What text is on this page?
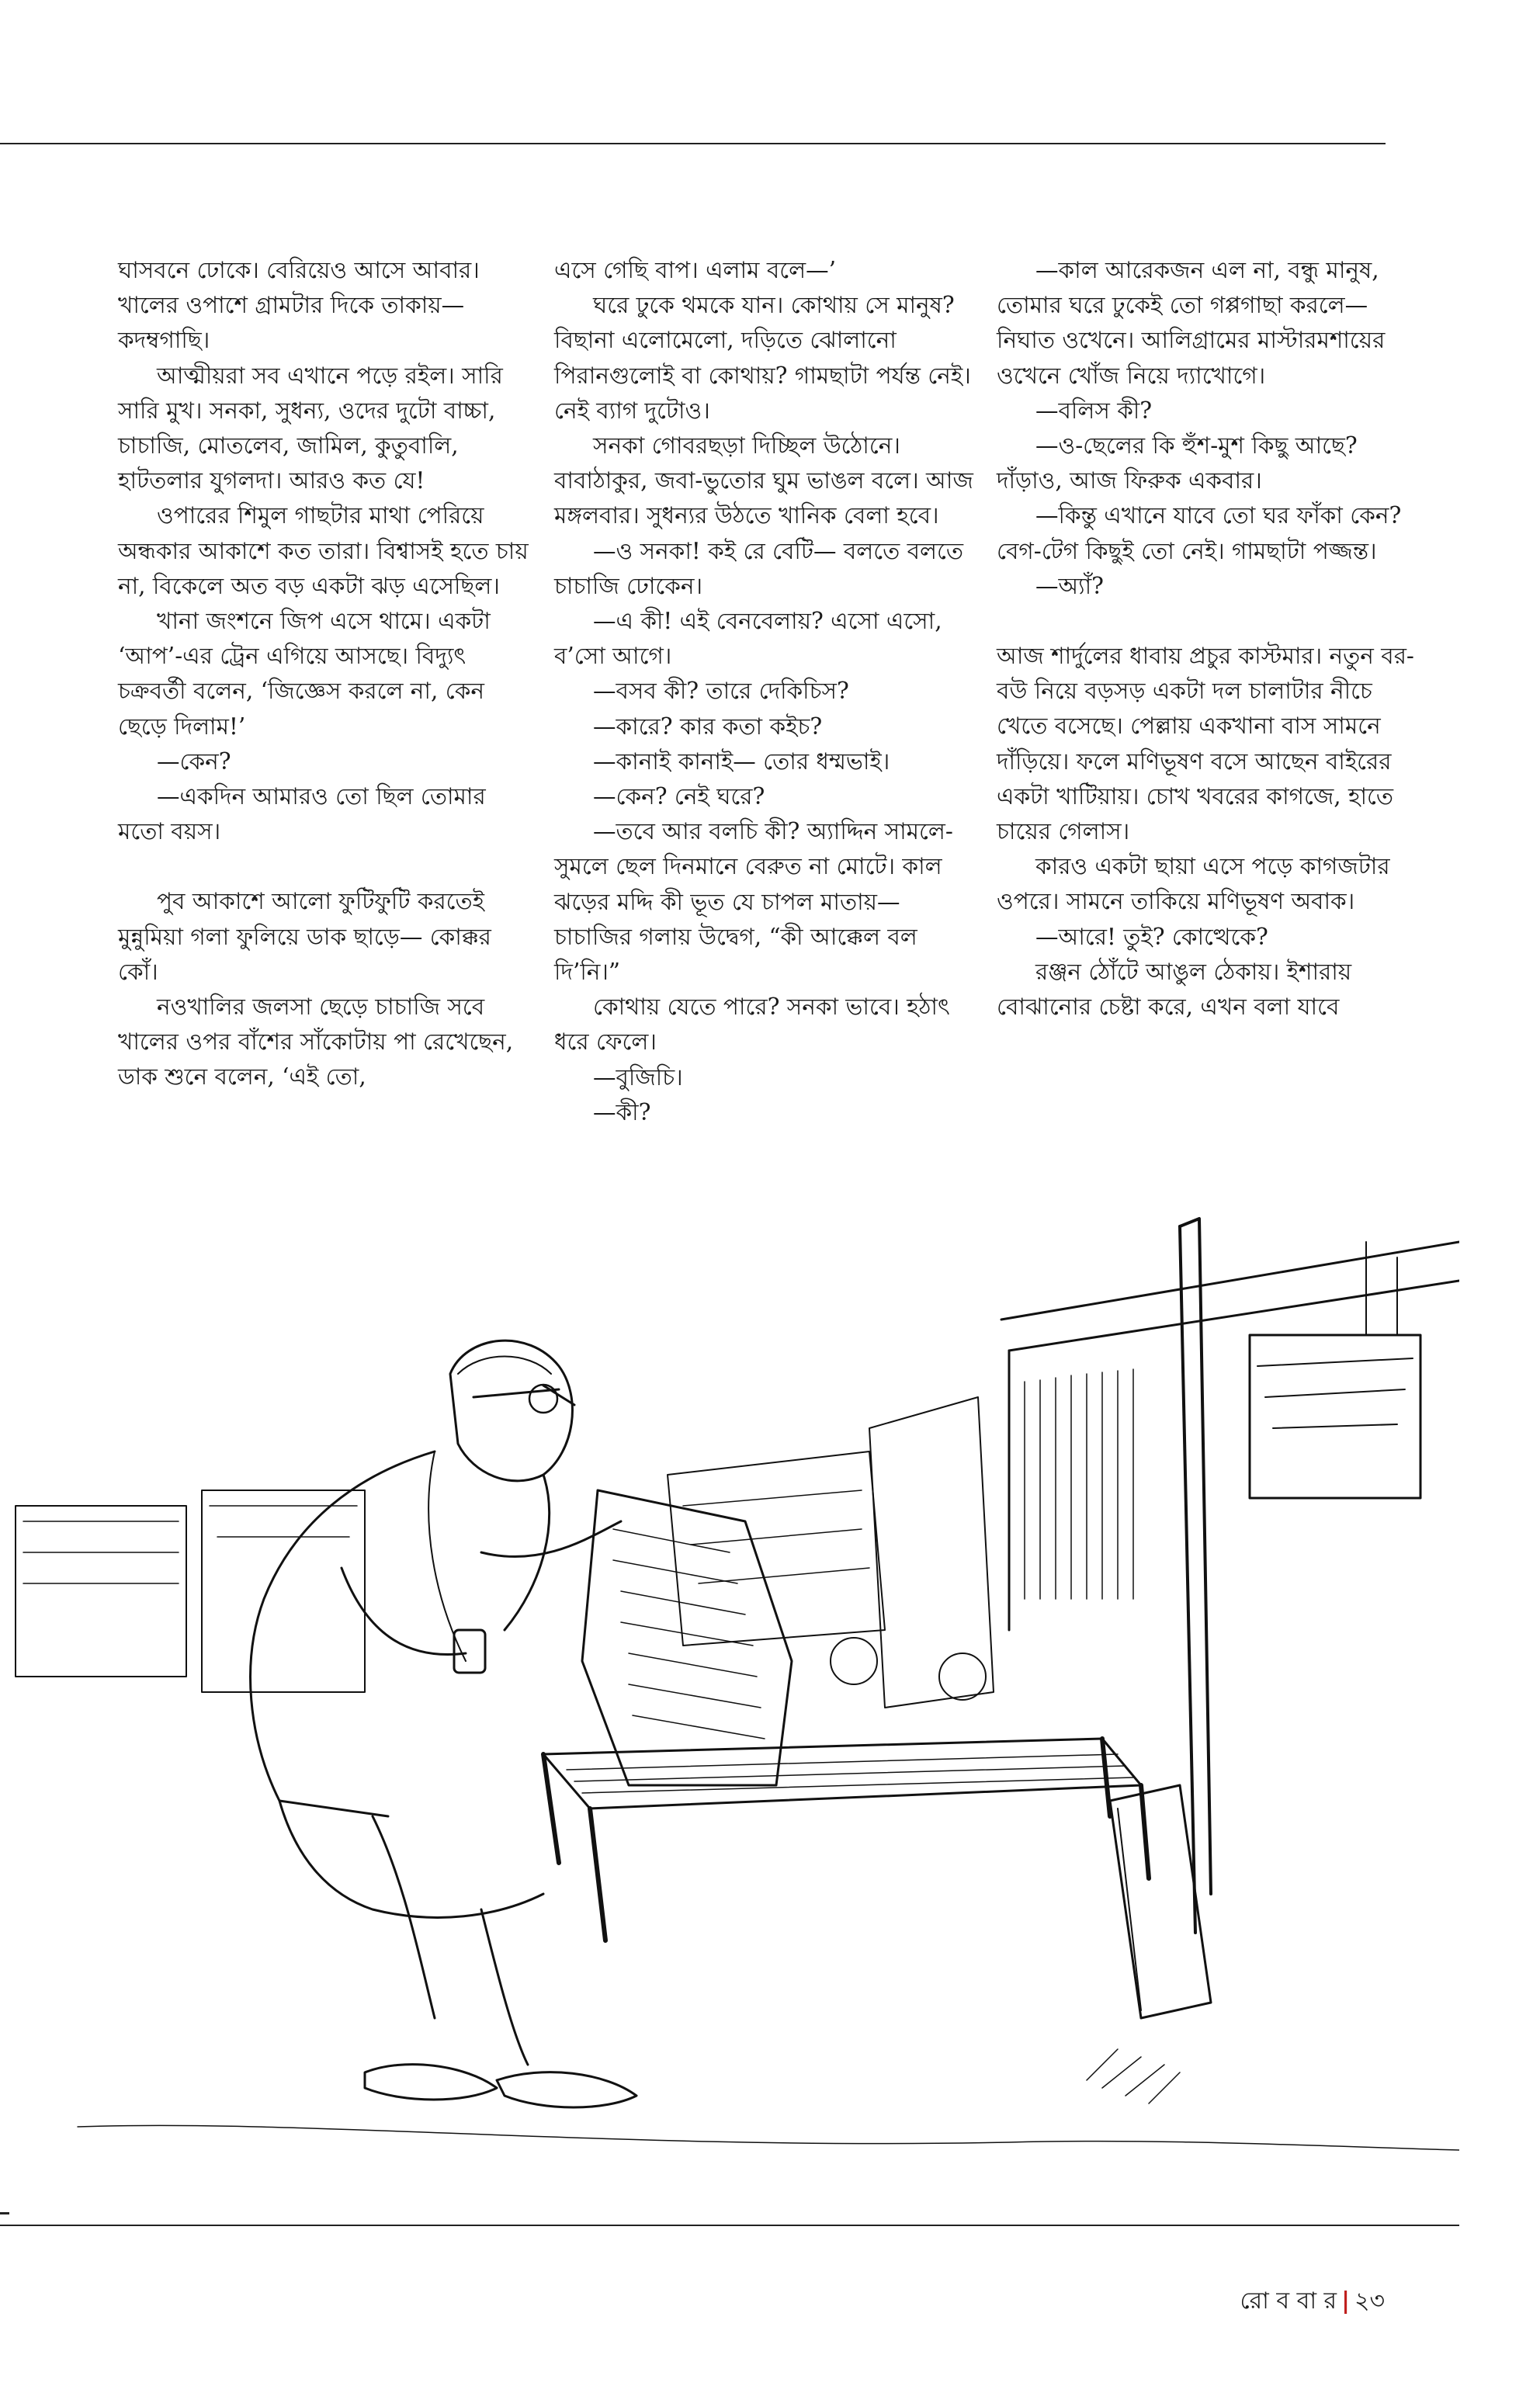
ঘাসবনে ঢোকে। বেরিয়েও আসে আবার। খালের ওপাশে গ্রামটার দিকে তাকায়— কদম্বগাছি।

আত্মীয়রা সব এখানে পড়ে রইল। সারি সারি মুখ। সনকা, সুধন্য, ওদের দুটো বাচ্চা, চাচাজি, মোতলেব, জামিল, কুতুবালি, হাটতলার যুগলদা। আরও কত যে!

ওপারের শিমুল গাছটার মাথা পেরিয়ে অন্ধকার আকাশে কত তারা। বিশ্বাসই হতে চায় না, বিকেলে অত বড় একটা ঝড় এসেছিল।

খানা জংশনে জিপ এসে থামে। একটা ‘আপ’-এর ট্রেন এগিয়ে আসছে। বিদ্যুৎ চক্রবর্তী বলেন, ‘জিজ্ঞেস করলে না, কেন ছেড়ে দিলাম!’

—কেন?

—একদিন আমারও তো ছিল তোমার মতো বয়স।

পুব আকাশে আলো ফুটিফুটি করতেই মুন্নুমিয়া গলা ফুলিয়ে ডাক ছাড়ে— কোক্কর কোঁ।

নওখালির জলসা ছেড়ে চাচাজি সবে খালের ওপর বাঁশের সাঁকোটায় পা রেখেছেন, ডাক শুনে বলেন, ‘এই তো,

এসে গেছি বাপ। এলাম বলে—’

ঘরে ঢুকে থমকে যান। কোথায় সে মানুষ? বিছানা এলোমেলো, দড়িতে ঝোলানো পিরানগুলোই বা কোথায়? গামছাটা পর্যন্ত নেই। নেই ব্যাগ দুটোও।

সনকা গোবরছড়া দিচ্ছিল উঠোনে। বাবাঠাকুর, জবা-ভুতোর ঘুম ভাঙল বলে। আজ মঙ্গলবার। সুধন্যর উঠতে খানিক বেলা হবে।

—ও সনকা! কই রে বেটি— বলতে বলতে চাচাজি ঢোকেন।

—এ কী! এই বেনবেলায়? এসো এসো, ব’সো আগে।

—বসব কী? তারে দেকিচিস?

—কারে? কার কতা কইচ?

—কানাই কানাই— তোর ধম্মভাই।

—কেন? নেই ঘরে?

—তবে আর বলচি কী? অ্যাদ্দিন সামলে-সুমলে ছেল দিনমানে বেরুত না মোটে। কাল ঝড়ের মদ্দি কী ভূত যে চাপল মাতায়— চাচাজির গলায় উদ্বেগ, “কী আক্কেল বল দি’নি।”

কোথায় যেতে পারে? সনকা ভাবে। হঠাৎ ধরে ফেলে।

—বুজিচি।

—কী?

—কাল আরেকজন এল না, বন্ধু মানুষ, তোমার ঘরে ঢুকেই তো গপ্পগাছা করলে— নিঘাত ওখেনে। আলিগ্রামের মাস্টারমশায়ের ওখেনে খোঁজ নিয়ে দ্যাখোগে।

—বলিস কী?

—ও-ছেলের কি হুঁশ-মুশ কিছু আছে? দাঁড়াও, আজ ফিরুক একবার।

—কিন্তু এখানে যাবে তো ঘর ফাঁকা কেন? বেগ-টেগ কিছুই তো নেই। গামছাটা পজ্জন্ত।

—অ্যাঁ?

আজ শার্দুলের ধাবায় প্রচুর কাস্টমার। নতুন বর-বউ নিয়ে বড়সড় একটা দল চালাটার নীচে খেতে বসেছে। পেল্লায় একখানা বাস সামনে দাঁড়িয়ে। ফলে মণিভূষণ বসে আছেন বাইরের একটা খাটিয়ায়। চোখ খবরের কাগজে, হাতে চায়ের গেলাস।

কারও একটা ছায়া এসে পড়ে কাগজটার ওপরে। সামনে তাকিয়ে মণিভূষণ অবাক।

—আরে! তুই? কোত্থেকে?

রঞ্জন ঠোঁটে আঙুল ঠেকায়। ইশারায় বোঝানোর চেষ্টা করে, এখন বলা যাবে

রো ব বা র | ২৩
